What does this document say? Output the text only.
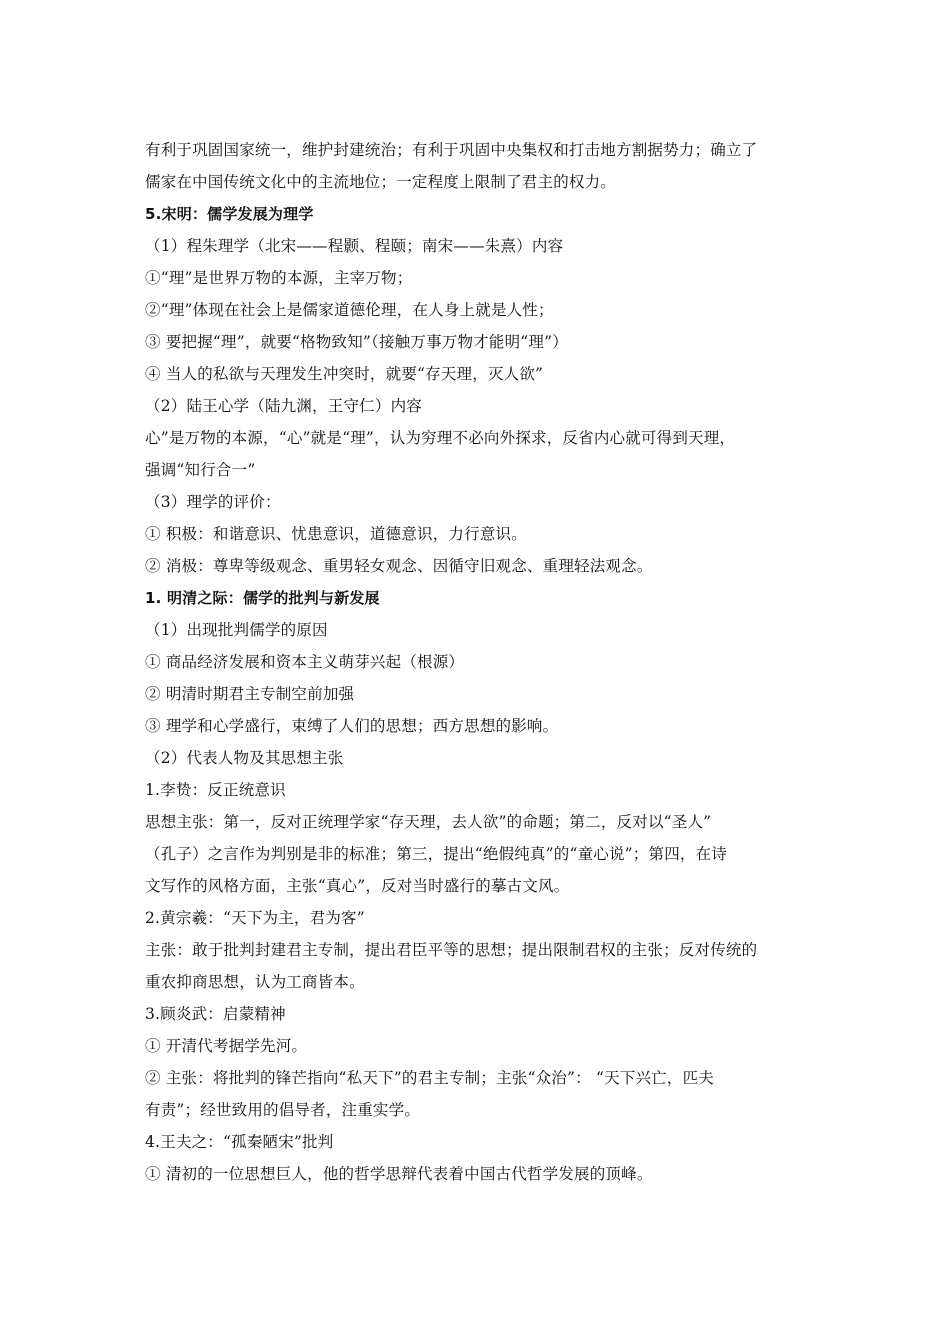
有利于巩固国家统一，维护封建统治；有利于巩固中央集权和打击地方割据势力；确立了
儒家在中国传统文化中的主流地位；一定程度上限制了君主的权力。
5.宋明：儒学发展为理学
（1）程朱理学（北宋——程颢、程颐；南宋——朱熹）内容
①“理”是世界万物的本源，主宰万物；
②“理”体现在社会上是儒家道德伦理，在人身上就是人性；
③ 要把握“理”，就要“格物致知”（接触万事万物才能明“理”）
④ 当人的私欲与天理发生冲突时，就要“存天理，灭人欲”
（2）陆王心学（陆九渊，王守仁）内容
心”是万物的本源，“心”就是“理”，认为穷理不必向外探求，反省内心就可得到天理，
强调“知行合一”
（3）理学的评价：
① 积极：和谐意识、忧患意识，道德意识，力行意识。
② 消极：尊卑等级观念、重男轻女观念、因循守旧观念、重理轻法观念。
1. 明清之际：儒学的批判与新发展
（1）出现批判儒学的原因
① 商品经济发展和资本主义萌芽兴起（根源）
② 明清时期君主专制空前加强
③ 理学和心学盛行，束缚了人们的思想；西方思想的影响。
（2）代表人物及其思想主张
1.李贽：反正统意识
思想主张：第一，反对正统理学家“存天理，去人欲”的命题；第二，反对以“圣人”
（孔子）之言作为判别是非的标准；第三，提出“绝假纯真”的“童心说”；第四，在诗
文写作的风格方面，主张“真心”，反对当时盛行的摹古文风。
2.黄宗羲：“天下为主，君为客”
主张：敢于批判封建君主专制，提出君臣平等的思想；提出限制君权的主张；反对传统的
重农抑商思想，认为工商皆本。
3.顾炎武：启蒙精神
① 开清代考据学先河。
② 主张：将批判的锋芒指向“私天下”的君主专制；主张“众治”： “天下兴亡，匹夫
有责”；经世致用的倡导者，注重实学。
4.王夫之：“孤秦陋宋”批判
① 清初的一位思想巨人，他的哲学思辩代表着中国古代哲学发展的顶峰。
